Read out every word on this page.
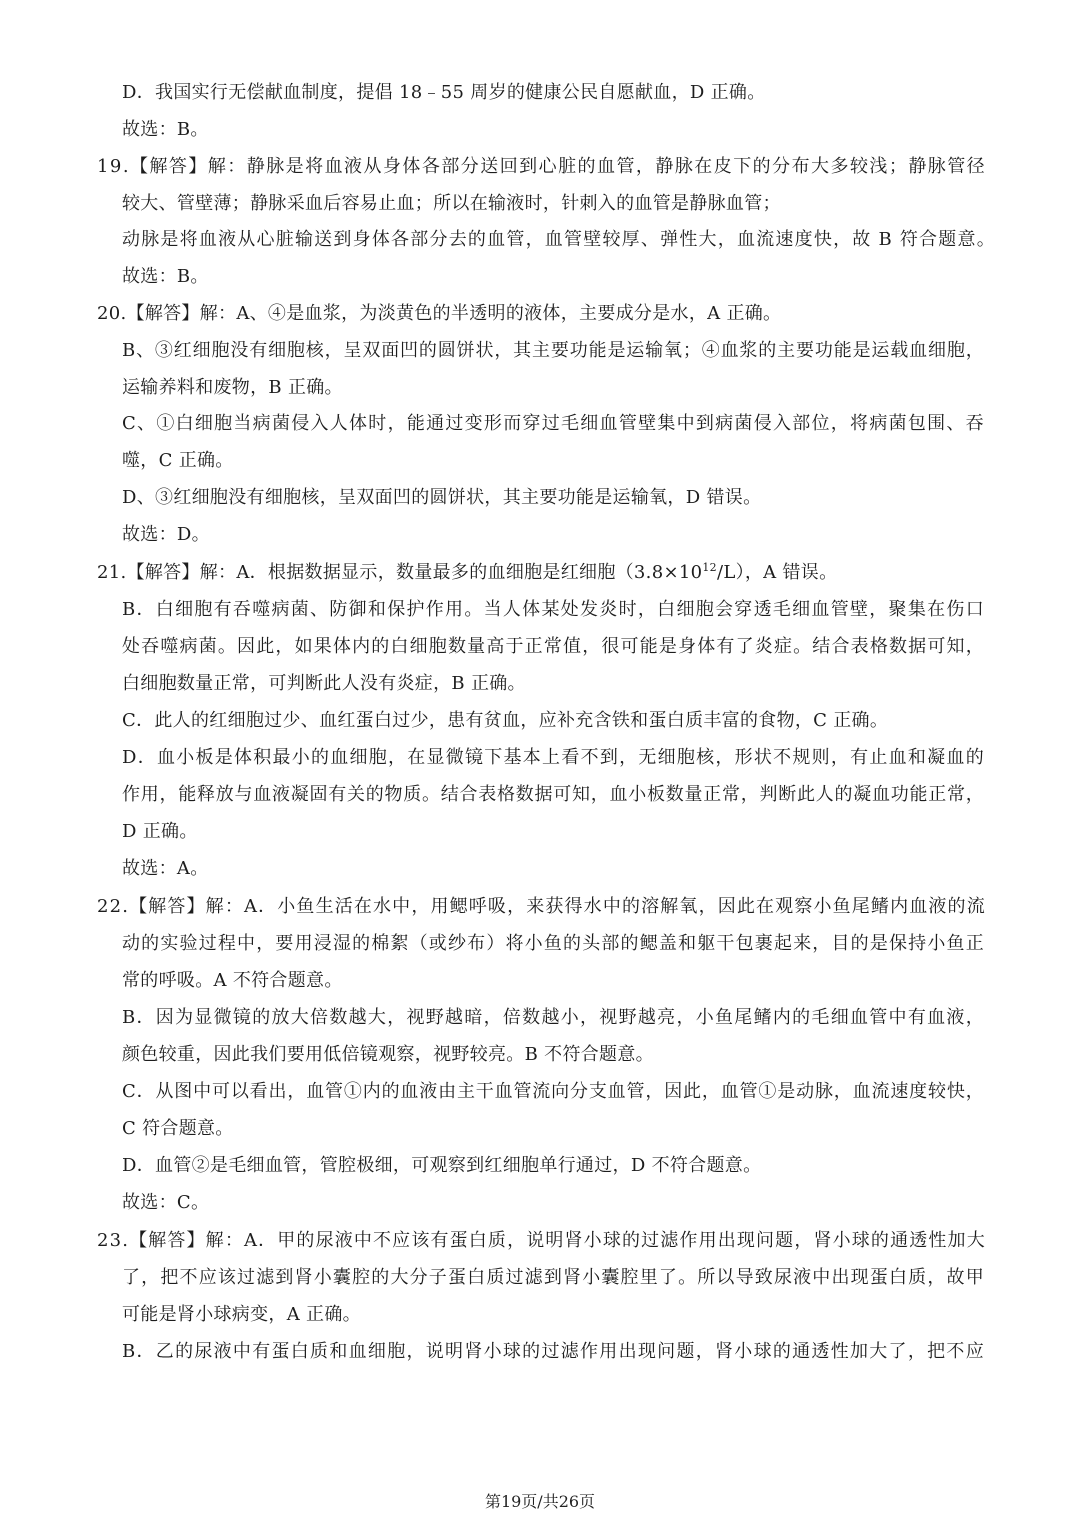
D．我国实行无偿献血制度，提倡 18﹣55 周岁的健康公民自愿献血，D 正确。
故选：B。
19.【解答】解：静脉是将血液从身体各部分送回到心脏的血管，静脉在皮下的分布大多较浅；静脉管径
较大、管壁薄；静脉采血后容易止血；所以在输液时，针刺入的血管是静脉血管；
动脉是将血液从心脏输送到身体各部分去的血管，血管壁较厚、弹性大，血流速度快，故 B 符合题意。
故选：B。
20.【解答】解：A、④是血浆，为淡黄色的半透明的液体，主要成分是水，A 正确。
B、③红细胞没有细胞核，呈双面凹的圆饼状，其主要功能是运输氧；④血浆的主要功能是运载血细胞，
运输养料和废物，B 正确。
C、①白细胞当病菌侵入人体时，能通过变形而穿过毛细血管壁集中到病菌侵入部位，将病菌包围、吞
噬，C 正确。
D、③红细胞没有细胞核，呈双面凹的圆饼状，其主要功能是运输氧，D 错误。
故选：D。
21.【解答】解：A．根据数据显示，数量最多的血细胞是红细胞$(3.8\times 10^{12}/L)$，A 错误。
B．白细胞有吞噬病菌、防御和保护作用。当人体某处发炎时，白细胞会穿透毛细血管壁，聚集在伤口
处吞噬病菌。因此，如果体内的白细胞数量高于正常值，很可能是身体有了炎症。结合表格数据可知，
白细胞数量正常，可判断此人没有炎症，B 正确。
C．此人的红细胞过少、血红蛋白过少，患有贫血，应补充含铁和蛋白质丰富的食物，C 正确。
D．血小板是体积最小的血细胞，在显微镜下基本上看不到，无细胞核，形状不规则，有止血和凝血的
作用，能释放与血液凝固有关的物质。结合表格数据可知，血小板数量正常，判断此人的凝血功能正常，
D 正确。
故选：A。
22.【解答】解：A．小鱼生活在水中，用鳃呼吸，来获得水中的溶解氧，因此在观察小鱼尾鳍内血液的流
动的实验过程中，要用浸湿的棉絮（或纱布）将小鱼的头部的鳃盖和躯干包裹起来，目的是保持小鱼正
常的呼吸。A 不符合题意。
B．因为显微镜的放大倍数越大，视野越暗，倍数越小，视野越亮，小鱼尾鳍内的毛细血管中有血液，
颜色较重，因此我们要用低倍镜观察，视野较亮。B 不符合题意。
C．从图中可以看出，血管①内的血液由主干血管流向分支血管，因此，血管①是动脉，血流速度较快，
C 符合题意。
D．血管②是毛细血管，管腔极细，可观察到红细胞单行通过，D 不符合题意。
故选：C。
23.【解答】解：A．甲的尿液中不应该有蛋白质，说明肾小球的过滤作用出现问题，肾小球的通透性加大
了，把不应该过滤到肾小囊腔的大分子蛋白质过滤到肾小囊腔里了。所以导致尿液中出现蛋白质，故甲
可能是肾小球病变，A 正确。
B．乙的尿液中有蛋白质和血细胞，说明肾小球的过滤作用出现问题，肾小球的通透性加大了，把不应
第19页/共26页
